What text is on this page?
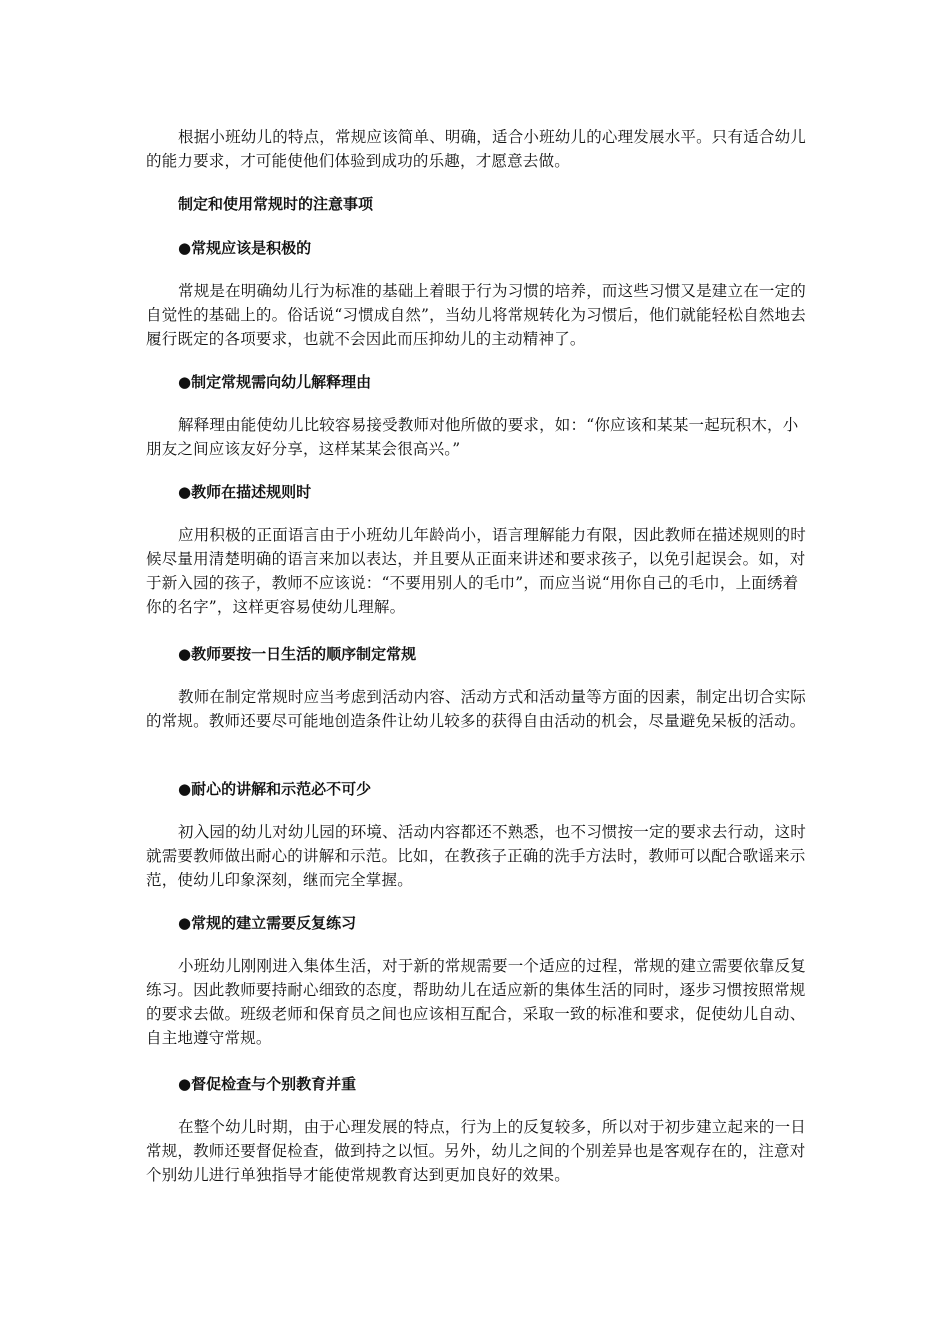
根据小班幼儿的特点，常规应该简单、明确，适合小班幼儿的心理发展水平。只有适合幼儿的能力要求，才可能使他们体验到成功的乐趣，才愿意去做。

制定和使用常规时的注意事项

●常规应该是积极的

常规是在明确幼儿行为标准的基础上着眼于行为习惯的培养，而这些习惯又是建立在一定的自觉性的基础上的。俗话说“习惯成自然”，当幼儿将常规转化为习惯后，他们就能轻松自然地去履行既定的各项要求，也就不会因此而压抑幼儿的主动精神了。

●制定常规需向幼儿解释理由

解释理由能使幼儿比较容易接受教师对他所做的要求，如：“你应该和某某一起玩积木，小朋友之间应该友好分享，这样某某会很高兴。”

●教师在描述规则时

应用积极的正面语言由于小班幼儿年龄尚小，语言理解能力有限，因此教师在描述规则的时候尽量用清楚明确的语言来加以表达，并且要从正面来讲述和要求孩子，以免引起误会。如，对于新入园的孩子，教师不应该说：“不要用别人的毛巾”，而应当说“用你自己的毛巾，上面绣着你的名字”，这样更容易使幼儿理解。

●教师要按一日生活的顺序制定常规

教师在制定常规时应当考虑到活动内容、活动方式和活动量等方面的因素，制定出切合实际的常规。教师还要尽可能地创造条件让幼儿较多的获得自由活动的机会，尽量避免呆板的活动。

●耐心的讲解和示范必不可少

初入园的幼儿对幼儿园的环境、活动内容都还不熟悉，也不习惯按一定的要求去行动，这时就需要教师做出耐心的讲解和示范。比如，在教孩子正确的洗手方法时，教师可以配合歌谣来示范，使幼儿印象深刻，继而完全掌握。

●常规的建立需要反复练习

小班幼儿刚刚进入集体生活，对于新的常规需要一个适应的过程，常规的建立需要依靠反复练习。因此教师要持耐心细致的态度，帮助幼儿在适应新的集体生活的同时，逐步习惯按照常规的要求去做。班级老师和保育员之间也应该相互配合，采取一致的标准和要求，促使幼儿自动、自主地遵守常规。

●督促检查与个别教育并重

在整个幼儿时期，由于心理发展的特点，行为上的反复较多，所以对于初步建立起来的一日常规，教师还要督促检查，做到持之以恒。另外，幼儿之间的个别差异也是客观存在的，注意对个别幼儿进行单独指导才能使常规教育达到更加良好的效果。
